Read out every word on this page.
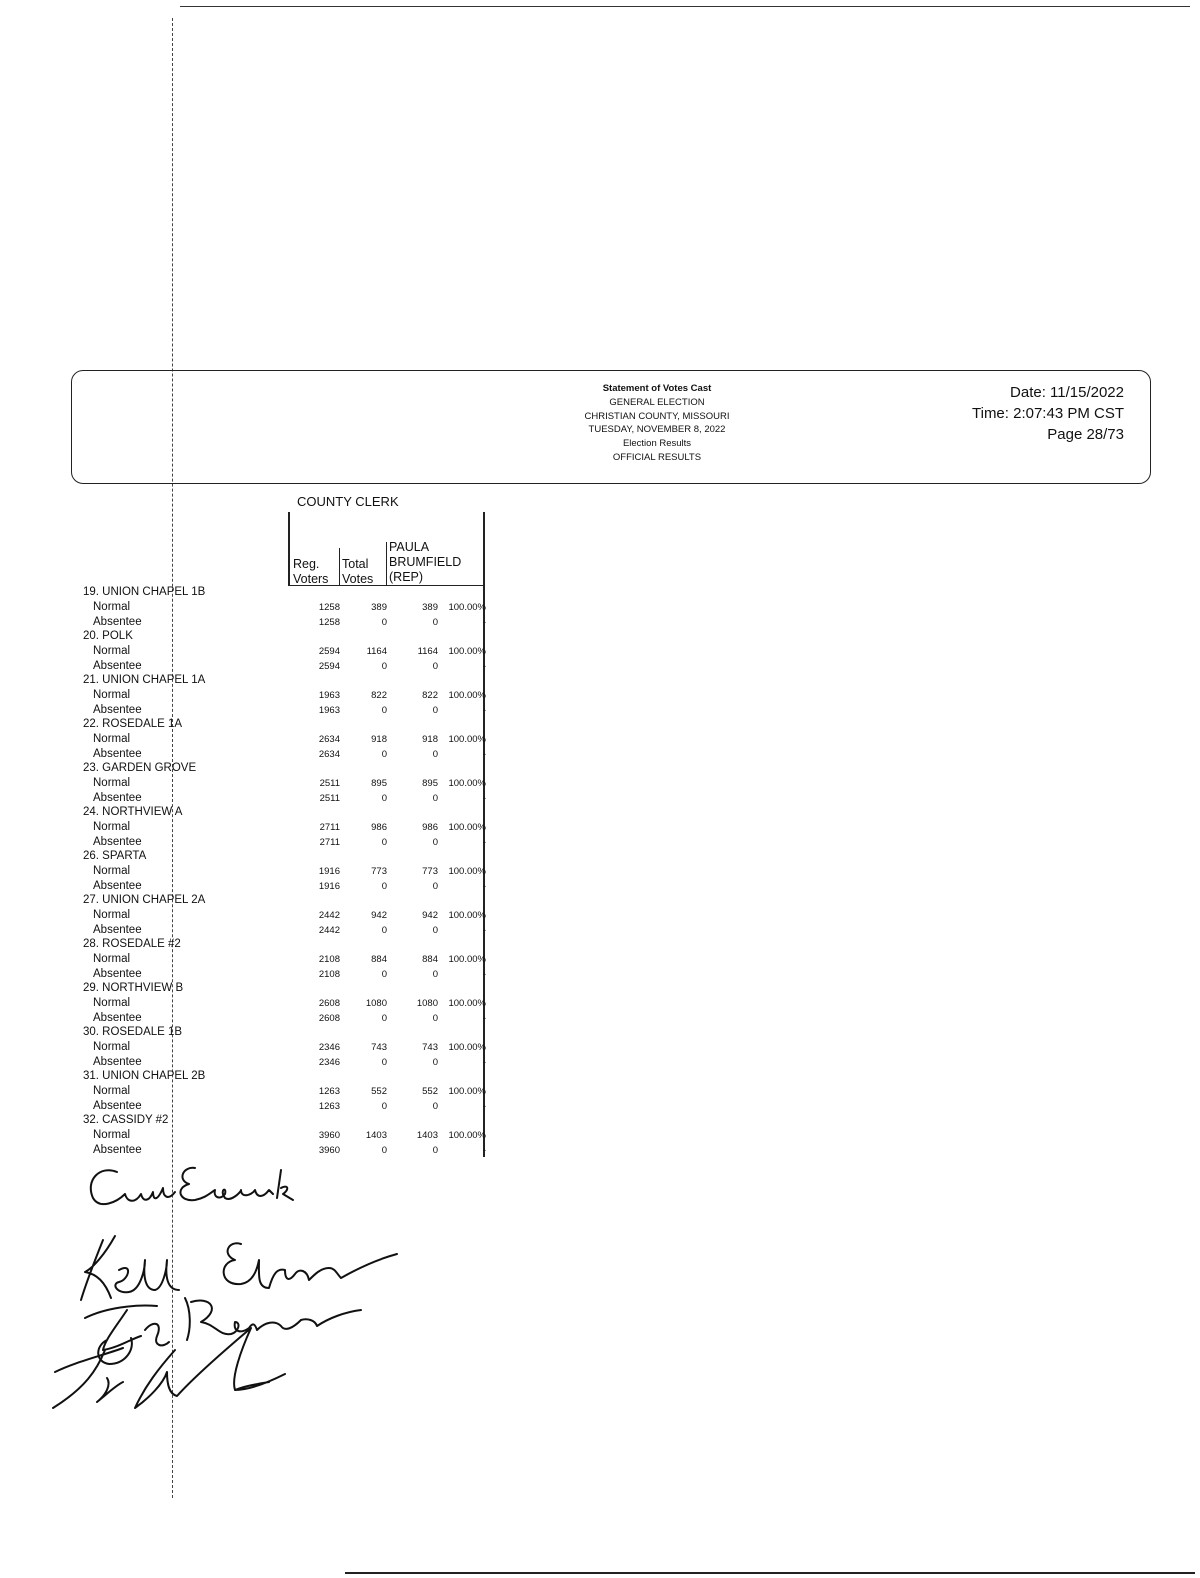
Statement of Votes Cast
GENERAL ELECTION
CHRISTIAN COUNTY, MISSOURI
TUESDAY, NOVEMBER 8, 2022
Election Results
OFFICIAL RESULTS
Date: 11/15/2022
Time: 2:07:43 PM CST
Page 28/73
COUNTY CLERK
Reg.
Voters
Total
Votes
PAULA
BRUMFIELD
(REP)
19. UNION CHAPEL 1B
Normal	1258	389	389 100.00%
Absentee	1258	0	0	-
20. POLK
Normal	2594	1164	1164 100.00%
Absentee	2594	0	0	-
21. UNION CHAPEL 1A
Normal	1963	822	822 100.00%
Absentee	1963	0	0	-
22. ROSEDALE 1A
Normal	2634	918	918 100.00%
Absentee	2634	0	0	-
23. GARDEN GROVE
Normal	2511	895	895 100.00%
Absentee	2511	0	0	-
24. NORTHVIEW A
Normal	2711	986	986 100.00%
Absentee	2711	0	0	-
26. SPARTA
Normal	1916	773	773 100.00%
Absentee	1916	0	0	-
27. UNION CHAPEL 2A
Normal	2442	942	942 100.00%
Absentee	2442	0	0	-
28. ROSEDALE #2
Normal	2108	884	884 100.00%
Absentee	2108	0	0	-
29. NORTHVIEW B
Normal	2608	1080	1080 100.00%
Absentee	2608	0	0	-
30. ROSEDALE 1B
Normal	2346	743	743 100.00%
Absentee	2346	0	0	-
31. UNION CHAPEL 2B
Normal	1263	552	552 100.00%
Absentee	1263	0	0	-
32. CASSIDY #2
Normal	3960	1403	1403 100.00%
Absentee	3960	0	0	-
